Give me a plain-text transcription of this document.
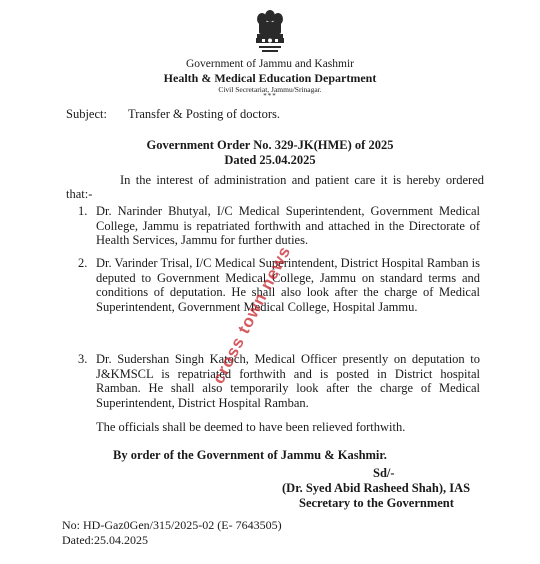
Government of Jammu and Kashmir
Health & Medical Education Department
Civil Secretariat, Jammu/Srinagar.
***
Subject: Transfer & Posting of doctors.
Government Order No. 329-JK(HME) of 2025
Dated 25.04.2025
In the interest of administration and patient care it is hereby ordered that:-
1. Dr. Narinder Bhutyal, I/C Medical Superintendent, Government Medical College, Jammu is repatriated forthwith and attached in the Directorate of Health Services, Jammu for further duties.
2. Dr. Varinder Trisal, I/C Medical Superintendent, District Hospital Ramban is deputed to Government Medical College, Jammu on standard terms and conditions of deputation. He shall also look after the charge of Medical Superintendent, Government Medical College, Hospital Jammu.
3. Dr. Sudershan Singh Katoch, Medical Officer presently on deputation to J&KMSCL is repatriated forthwith and is posted in District hospital Ramban. He shall also temporarily look after the charge of Medical Superintendent, District Hospital Ramban.
The officials shall be deemed to have been relieved forthwith.
By order of the Government of Jammu & Kashmir.
Sd/-
(Dr. Syed Abid Rasheed Shah), IAS
Secretary to the Government
No: HD-Gaz0Gen/315/2025-02 (E- 7643505)
Dated:25.04.2025
cross town news
